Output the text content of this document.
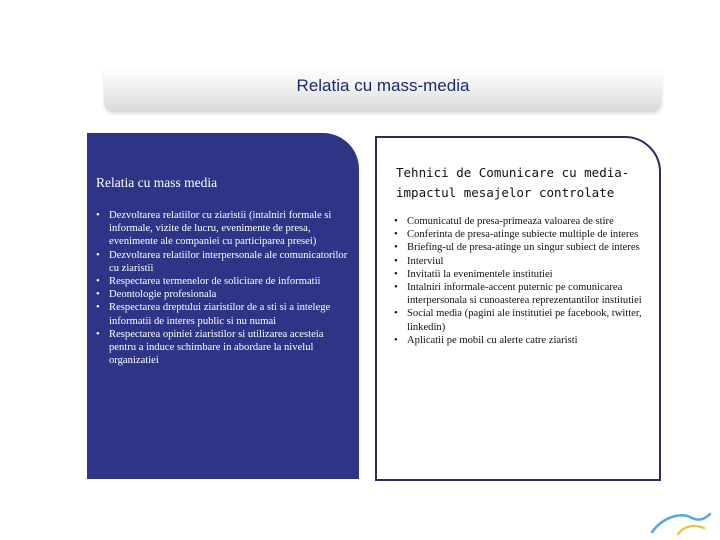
Relatia cu mass-media
Relatia cu mass media
• Dezvoltarea relatiilor cu ziaristii (intalniri formale si informale, vizite de lucru, evenimente de presa, evenimente ale companiei cu participarea presei)
• Dezvoltarea relatiilor interpersonale ale comunicatorilor cu ziaristii
• Respectarea termenelor de solicitare de informatii
• Deontologie profesionala
• Respectarea dreptului ziaristilor de a sti si a intelege informatii de interes public si nu numai
• Respectarea opiniei ziaristilor si utilizarea acesteia pentru a induce schimbare in abordare la nivelul organizatiei
Tehnici de Comunicare cu media-impactul mesajelor controlate
• Comunicatul de presa-primeaza valoarea de stire
• Conferinta de presa-atinge subiecte multiple de interes
• Briefing-ul de presa-atinge un singur subiect de interes
• Interviul
• Invitatii la evenimentele institutiei
• Intalniri informale-accent puternic pe comunicarea interpersonala si cunoasterea reprezentantilor institutiei
• Social media (pagini ale institutiei pe facebook, twitter, linkedin)
• Aplicatii pe mobil cu alerte catre ziaristi
